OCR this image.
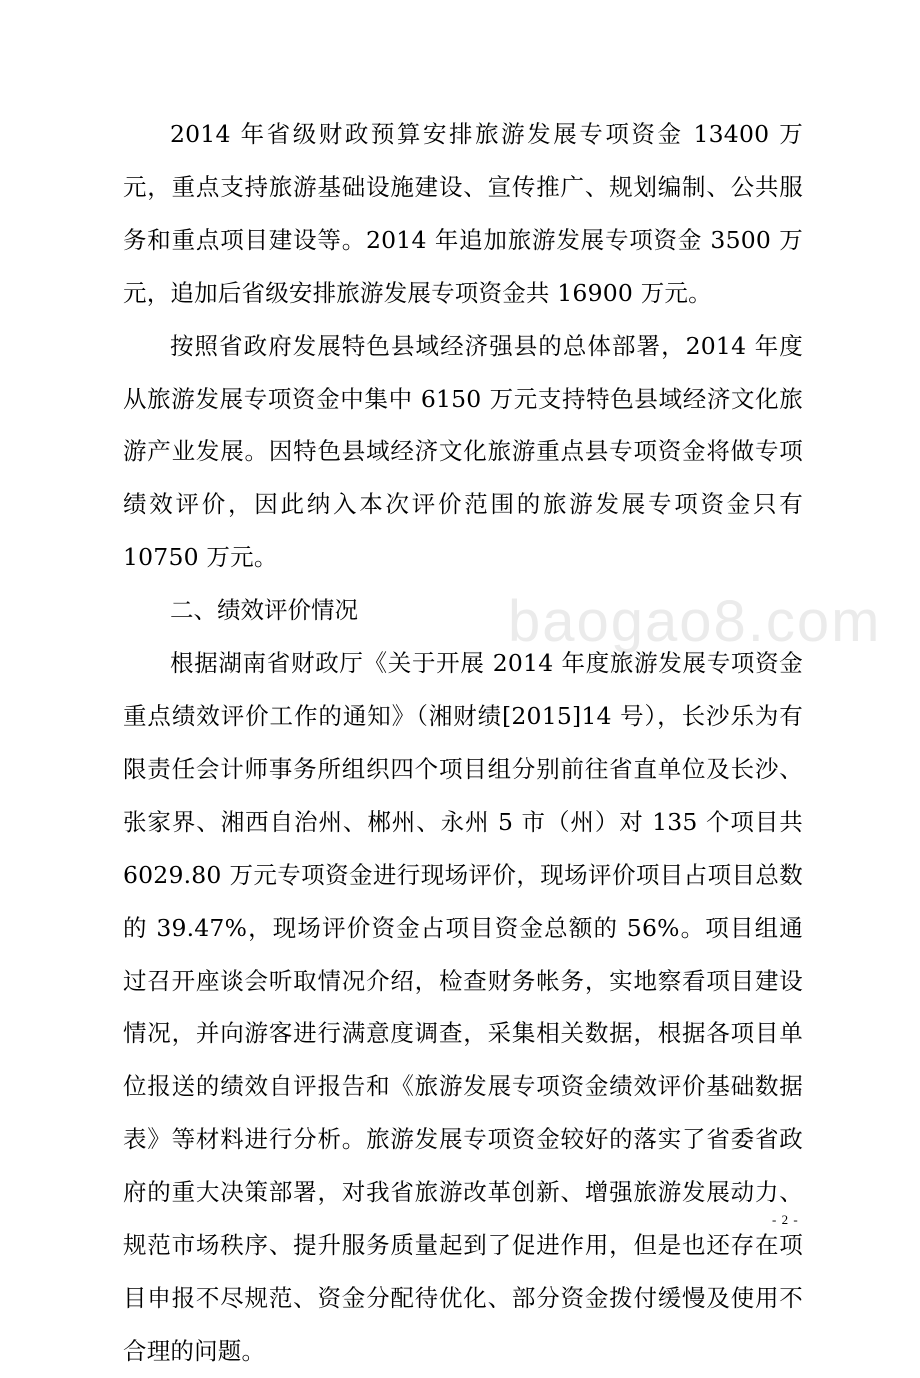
baogao8.com

2014 年省级财政预算安排旅游发展专项资金 13400 万元，重点支持旅游基础设施建设、宣传推广、规划编制、公共服务和重点项目建设等。2014 年追加旅游发展专项资金 3500 万元，追加后省级安排旅游发展专项资金共 16900 万元。

按照省政府发展特色县域经济强县的总体部署，2014 年度从旅游发展专项资金中集中 6150 万元支持特色县域经济文化旅游产业发展。因特色县域经济文化旅游重点县专项资金将做专项绩效评价，因此纳入本次评价范围的旅游发展专项资金只有 10750 万元。

二、绩效评价情况

根据湖南省财政厅《关于开展 2014 年度旅游发展专项资金重点绩效评价工作的通知》（湘财绩[2015]14 号），长沙乐为有限责任会计师事务所组织四个项目组分别前往省直单位及长沙、张家界、湘西自治州、郴州、永州 5 市（州）对 135 个项目共 6029.80 万元专项资金进行现场评价，现场评价项目占项目总数的 39.47%，现场评价资金占项目资金总额的 56%。项目组通过召开座谈会听取情况介绍，检查财务帐务，实地察看项目建设情况，并向游客进行满意度调查，采集相关数据，根据各项目单位报送的绩效自评报告和《旅游发展专项资金绩效评价基础数据表》等材料进行分析。旅游发展专项资金较好的落实了省委省政府的重大决策部署，对我省旅游改革创新、增强旅游发展动力、规范市场秩序、提升服务质量起到了促进作用，但是也还存在项目申报不尽规范、资金分配待优化、部分资金拨付缓慢及使用不合理的问题。

- 2 -
